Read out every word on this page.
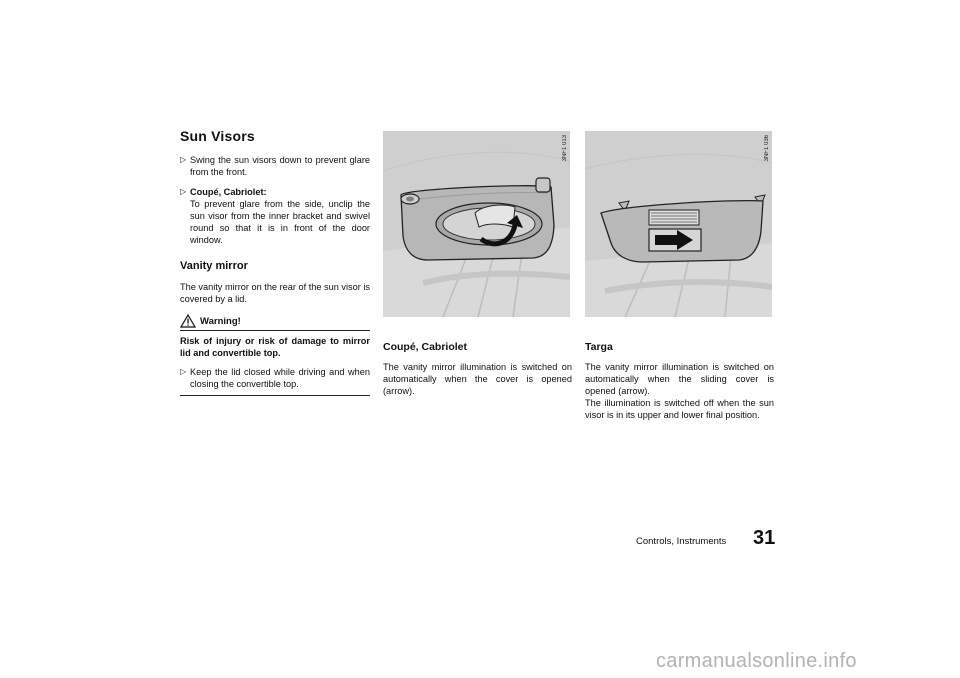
Sun Visors
▷ Swing the sun visors down to prevent glare from the front.
▷ Coupé, Cabriolet:
To prevent glare from the side, unclip the sun visor from the inner bracket and swivel round so that it is in front of the door window.
Vanity mirror

The vanity mirror on the rear of the sun visor is covered by a lid.

Warning!

Risk of injury or risk of damage to mirror lid and convertible top.

▷ Keep the lid closed while driving and when closing the convertible top.
3NF1 013	3NF1 036
Coupé, Cabriolet

The vanity mirror illumination is switched on automatically when the cover is opened (arrow).

Targa

The vanity mirror illumination is switched on automatically when the sliding cover is opened (arrow).
The illumination is switched off when the sun visor is in its upper and lower final position.

Controls, Instruments 31
carmanualsonline.info
